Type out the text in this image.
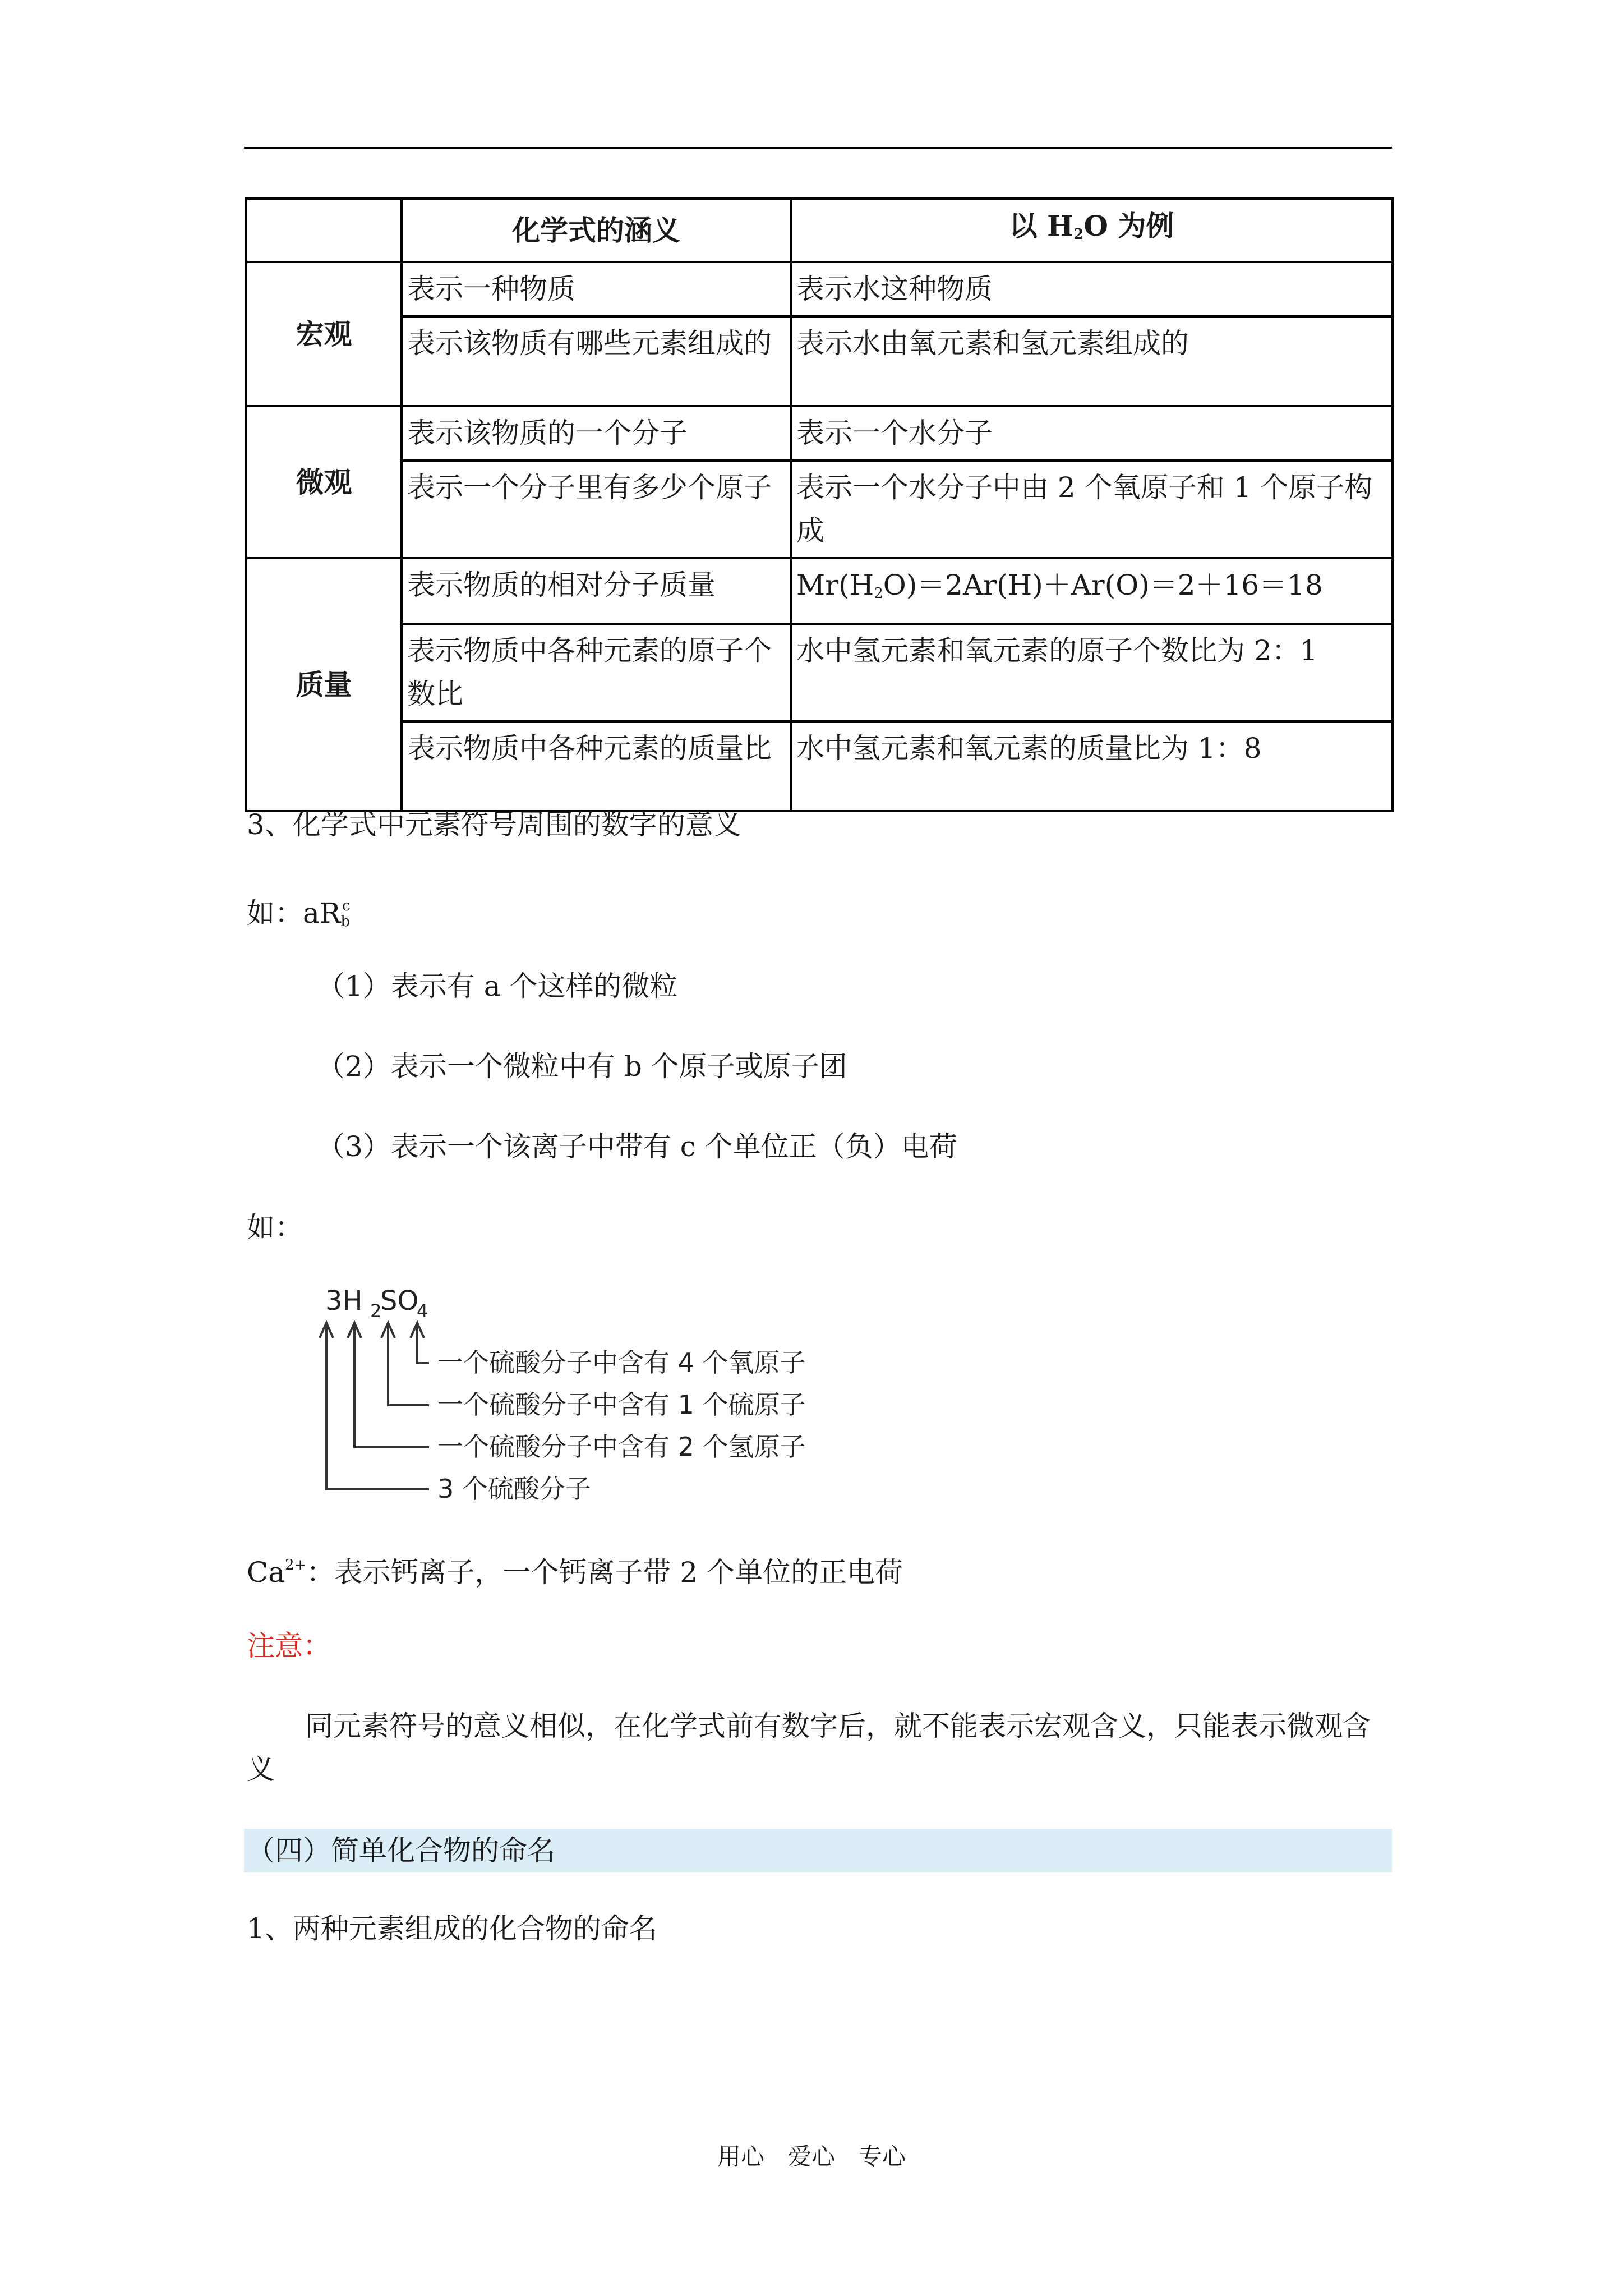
	化学式的涵义	以 $H_2O$ 为例
宏观	表示一种物质	表示水这种物质
	表示该物质有哪些元素组成的	表示水由氧元素和氢元素组成的
微观	表示该物质的一个分子	表示一个水分子
	表示一个分子里有多少个原子	表示一个水分子中由 2 个氧原子和 1 个原子构成
质量	表示物质的相对分子质量	$Mr(H_2O)=2Ar(H)+Ar(O)=2+16=18$
	表示物质中各种元素的原子个数比	水中氢元素和氧元素的原子个数比为 2：1
	表示物质中各种元素的质量比	水中氢元素和氧元素的质量比为 1：8
3、化学式中元素符号周围的数字的意义
如：$aR_b^c$
（1）表示有 a 个这样的微粒
（2）表示一个微粒中有 b 个原子或原子团
（3）表示一个该离子中带有 c 个单位正（负）电荷
如：
3H 2
SO
4
一个硫酸分子中含有 4 个氧原子
一个硫酸分子中含有 1 个硫原子
一个硫酸分子中含有 2 个氢原子
3 个硫酸分子
$Ca^{2+}$：表示钙离子，一个钙离子带 2 个单位的正电荷
注意：
同元素符号的意义相似，在化学式前有数字后，就不能表示宏观含义，只能表示微观含义
（四）简单化合物的命名
1、两种元素组成的化合物的命名
用心　爱心　专心
